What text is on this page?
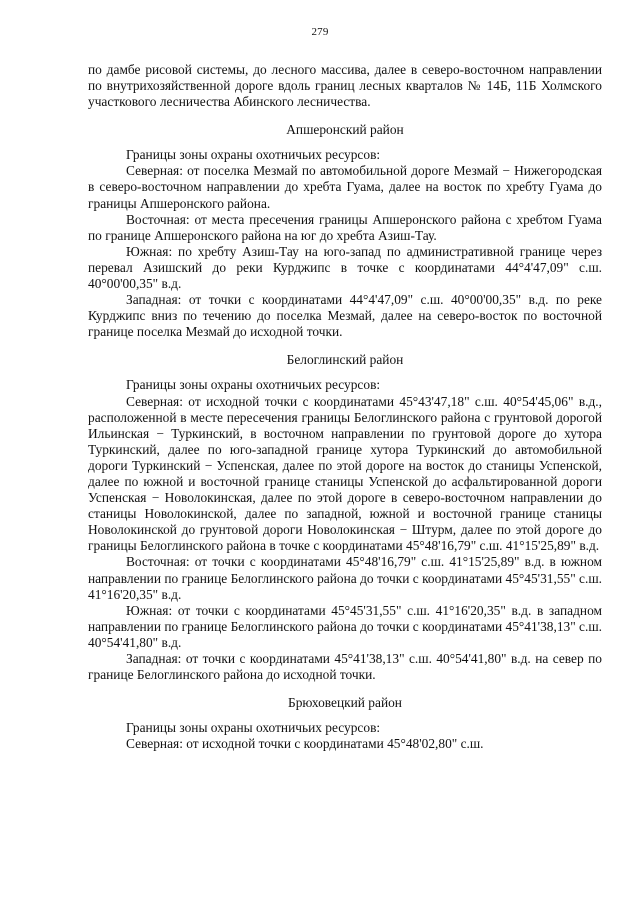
279

по дамбе рисовой системы, до лесного массива, далее в северо-восточном направлении по внутрихозяйственной дороге вдоль границ лесных кварталов № 14Б, 11Б Холмского участкового лесничества Абинского лесничества.

Апшеронский район

Границы зоны охраны охотничьих ресурсов:

Северная: от поселка Мезмай по автомобильной дороге Мезмай − Нижегородская в северо-восточном направлении до хребта Гуама, далее на восток по хребту Гуама до границы Апшеронского района.

Восточная: от места пресечения границы Апшеронского района с хребтом Гуама по границе Апшеронского района на юг до хребта Азиш-Тау.

Южная: по хребту Азиш-Тау на юго-запад по административной границе через перевал Азишский до реки Курджипс в точке с координатами 44°4'47,09" с.ш. 40°00'00,35" в.д.

Западная: от точки с координатами 44°4'47,09" с.ш. 40°00'00,35" в.д. по реке Курджипс вниз по течению до поселка Мезмай, далее на северо-восток по восточной границе поселка Мезмай до исходной точки.

Белоглинский район

Границы зоны охраны охотничьих ресурсов:

Северная: от исходной точки с координатами 45°43'47,18" с.ш. 40°54'45,06" в.д., расположенной в месте пересечения границы Белоглинского района с грунтовой дорогой Ильинская − Туркинский, в восточном направлении по грунтовой дороге до хутора Туркинский, далее по юго-западной границе хутора Туркинский до автомобильной дороги Туркинский − Успенская, далее по этой дороге на восток до станицы Успенской, далее по южной и восточной границе станицы Успенской до асфальтированной дороги Успенская − Новолокинская, далее по этой дороге в северо-восточном направлении до станицы Новолокинской, далее по западной, южной и восточной границе станицы Новолокинской до грунтовой дороги Новолокинская − Штурм, далее по этой дороге до границы Белоглинского района в точке с координатами 45°48'16,79" с.ш. 41°15'25,89" в.д.

Восточная: от точки с координатами 45°48'16,79" с.ш. 41°15'25,89" в.д. в южном направлении по границе Белоглинского района до точки с координатами 45°45'31,55" с.ш. 41°16'20,35" в.д.

Южная: от точки с координатами 45°45'31,55" с.ш. 41°16'20,35" в.д. в западном направлении по границе Белоглинского района до точки с координатами 45°41'38,13" с.ш. 40°54'41,80" в.д.

Западная: от точки с координатами 45°41'38,13" с.ш. 40°54'41,80" в.д. на север по границе Белоглинского района до исходной точки.

Брюховецкий район

Границы зоны охраны охотничьих ресурсов:

Северная: от исходной точки с координатами 45°48'02,80" с.ш.
